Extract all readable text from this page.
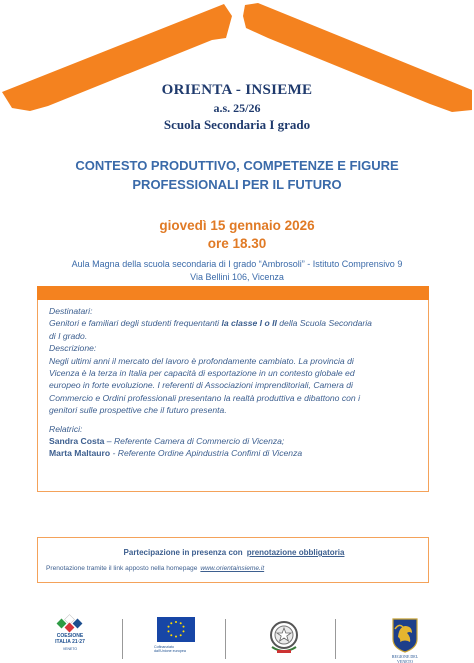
ORIENTA - INSIEME
a.s. 25/26
Scuola Secondaria I grado
CONTESTO PRODUTTIVO, COMPETENZE E FIGURE
PROFESSIONALI PER IL FUTURO
giovedì 15 gennaio 2026
ore 18.30
Aula Magna della scuola secondaria di I grado “Ambrosoli” - Istituto Comprensivo 9
Via Bellini 106, Vicenza
Destinatari:
Genitori e familiari degli studenti frequentanti la classe I o II della Scuola Secondaria
di I grado.
Descrizione:
Negli ultimi anni il mercato del lavoro è profondamente cambiato. La provincia di
Vicenza è la terza in Italia per capacità di esportazione in un contesto globale ed
europeo in forte evoluzione. I referenti di Associazioni imprenditoriali, Camera di
Commercio e Ordini professionali presentano la realtà produttiva e dibattono con i
genitori sulle prospettive che il futuro presenta.
Relatrici:
Sandra Costa – Referente Camera di Commercio di Vicenza;
Marta Maltauro - Referente Ordine Apindustria Confimi di Vicenza
Partecipazione in presenza con prenotazione obbligatoria
Prenotazione tramite il link apposto nella homepage www.orientainsieme.it
COESIONE
ITALIA 21·27
VENETO	Cofinanziato
dall'Unione europea
REGIONE DEL VENETO
